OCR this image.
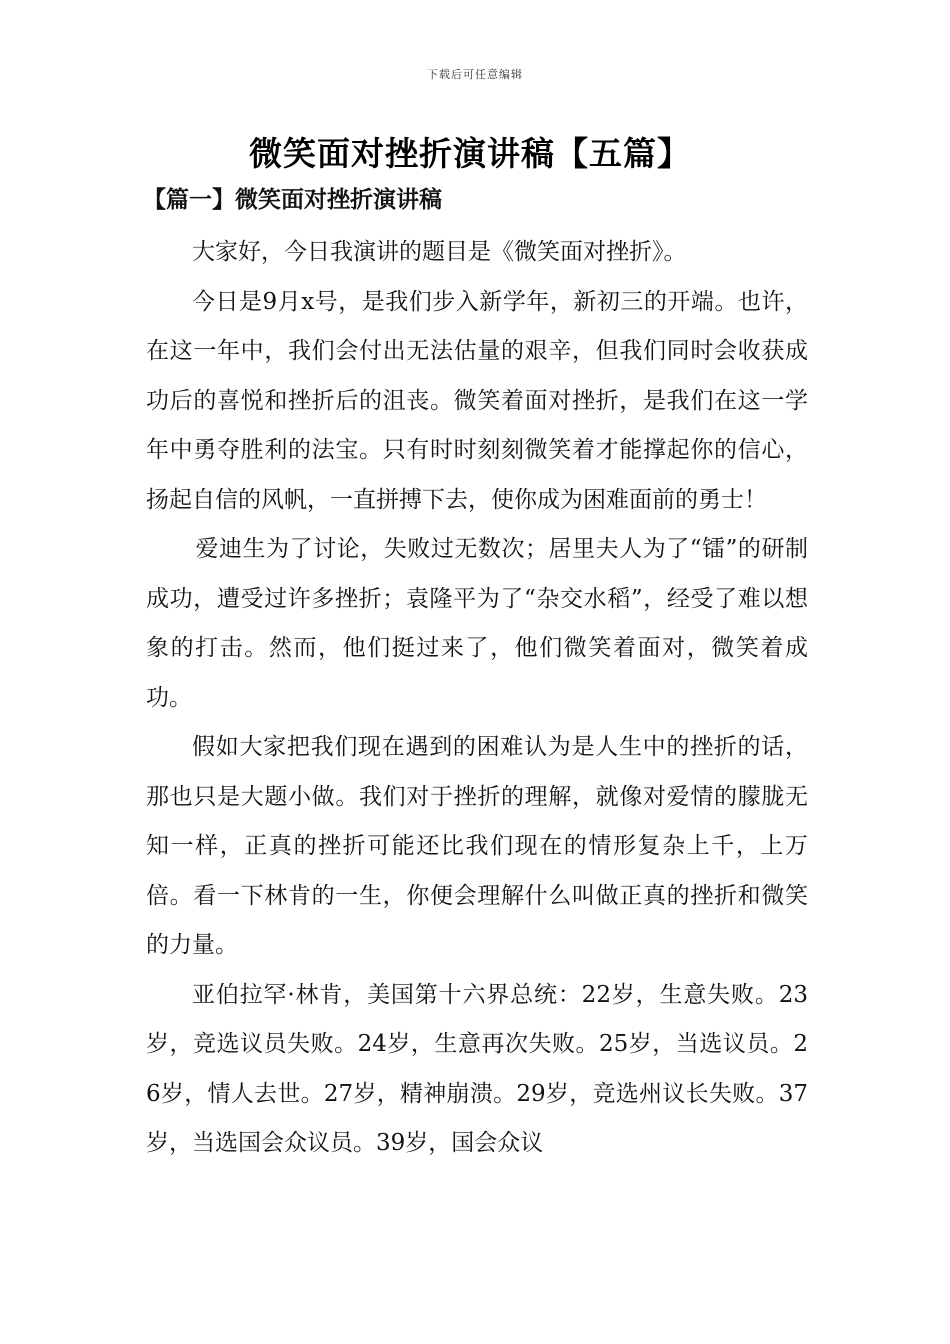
下载后可任意编辑
微笑面对挫折演讲稿【五篇】
【篇一】微笑面对挫折演讲稿

大家好，今日我演讲的题目是《微笑面对挫折》。

今日是9月x号，是我们步入新学年，新初三的开端。也许，在这一年中，我们会付出无法估量的艰辛，但我们同时会收获成功后的喜悦和挫折后的沮丧。微笑着面对挫折，是我们在这一学年中勇夺胜利的法宝。只有时时刻刻微笑着才能撑起你的信心，扬起自信的风帆，一直拼搏下去，使你成为困难面前的勇士！

爱迪生为了讨论，失败过无数次；居里夫人为了“镭”的研制成功，遭受过许多挫折；袁隆平为了“杂交水稻”，经受了难以想象的打击。然而，他们挺过来了，他们微笑着面对，微笑着成功。

假如大家把我们现在遇到的困难认为是人生中的挫折的话，那也只是大题小做。我们对于挫折的理解，就像对爱情的朦胧无知一样，正真的挫折可能还比我们现在的情形复杂上千，上万倍。看一下林肯的一生，你便会理解什么叫做正真的挫折和微笑的力量。

亚伯拉罕·林肯，美国第十六界总统：22岁，生意失败。23岁，竞选议员失败。24岁，生意再次失败。25岁，当选议员。26岁，情人去世。27岁，精神崩溃。29岁，竞选州议长失败。37岁，当选国会众议员。39岁，国会众议
